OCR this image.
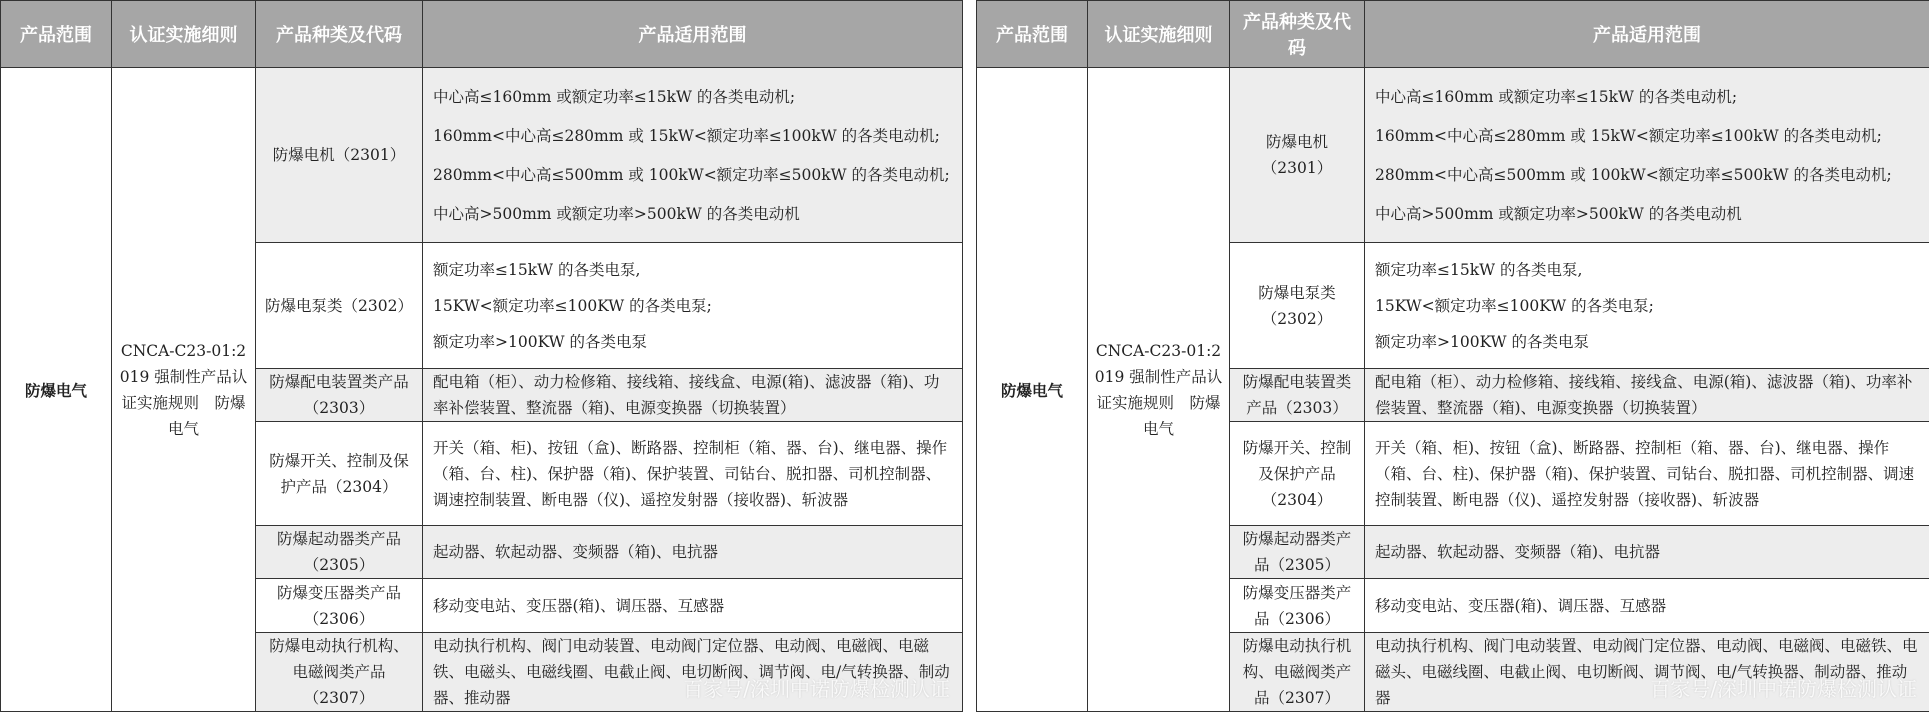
产品范围	认证实施细则	产品种类及代码	产品适用范围
防爆电气	CNCA-C23-01:2019 强制性产品认证实施规则　防爆电气	防爆电机（2301）	中心高≤160mm 或额定功率≤15kW 的各类电动机;
160mm<中心高≤280mm 或 15kW<额定功率≤100kW 的各类电动机;
280mm<中心高≤500mm 或 100kW<额定功率≤500kW 的各类电动机;
中心高>500mm 或额定功率>500kW 的各类电动机

		防爆电泵类（2302）	额定功率≤15kW 的各类电泵,
15KW<额定功率≤100KW 的各类电泵;
额定功率>100KW 的各类电泵

		防爆配电装置类产品（2303）	配电箱（柜）、动力检修箱、接线箱、接线盒、电源(箱)、滤波器（箱)、功率补偿装置、整流器（箱)、电源变换器（切换装置）

		防爆开关、控制及保护产品（2304）	开关（箱、柜)、按钮（盒)、断路器、控制柜（箱、器、台)、继电器、操作（箱、台、柱)、保护器（箱)、保护装置、司钻台、脱扣器、司机控制器、调速控制装置、断电器（仪)、遥控发射器（接收器)、斩波器

		防爆起动器类产品（2305）	起动器、软起动器、变频器（箱)、电抗器

		防爆变压器类产品（2306）	移动变电站、变压器(箱)、调压器、互感器

		防爆电动执行机构、电磁阀类产品（2307）	电动执行机构、阀门电动装置、电动阀门定位器、电动阀、电磁阀、电磁铁、电磁头、电磁线圈、电截止阀、电切断阀、调节阀、电/气转换器、制动器、推动器	百家号/深圳中诺防爆检测认证
产品范围	认证实施细则	产品种类及代码	产品适用范围
防爆电气	CNCA-C23-01:2019 强制性产品认证实施规则　防爆电气	防爆电机（2301）	中心高≤160mm 或额定功率≤15kW 的各类电动机;
160mm<中心高≤280mm 或 15kW<额定功率≤100kW 的各类电动机;
280mm<中心高≤500mm 或 100kW<额定功率≤500kW 的各类电动机;
中心高>500mm 或额定功率>500kW 的各类电动机

		防爆电泵类（2302）	额定功率≤15kW 的各类电泵,
15KW<额定功率≤100KW 的各类电泵;
额定功率>100KW 的各类电泵

		防爆配电装置类产品（2303）	配电箱（柜）、动力检修箱、接线箱、接线盒、电源(箱)、滤波器（箱)、功率补偿装置、整流器（箱)、电源变换器（切换装置）

		防爆开关、控制及保护产品（2304）	开关（箱、柜)、按钮（盒)、断路器、控制柜（箱、器、台)、继电器、操作（箱、台、柱)、保护器（箱)、保护装置、司钻台、脱扣器、司机控制器、调速控制装置、断电器（仪)、遥控发射器（接收器)、斩波器

		防爆起动器类产品（2305）	起动器、软起动器、变频器（箱)、电抗器

		防爆变压器类产品（2306）	移动变电站、变压器(箱)、调压器、互感器

		防爆电动执行机构、电磁阀类产品（2307）	电动执行机构、阀门电动装置、电动阀门定位器、电动阀、电磁阀、电磁铁、电磁头、电磁线圈、电截止阀、电切断阀、调节阀、电/气转换器、制动器、推动器	百家号/深圳中诺防爆检测认证
